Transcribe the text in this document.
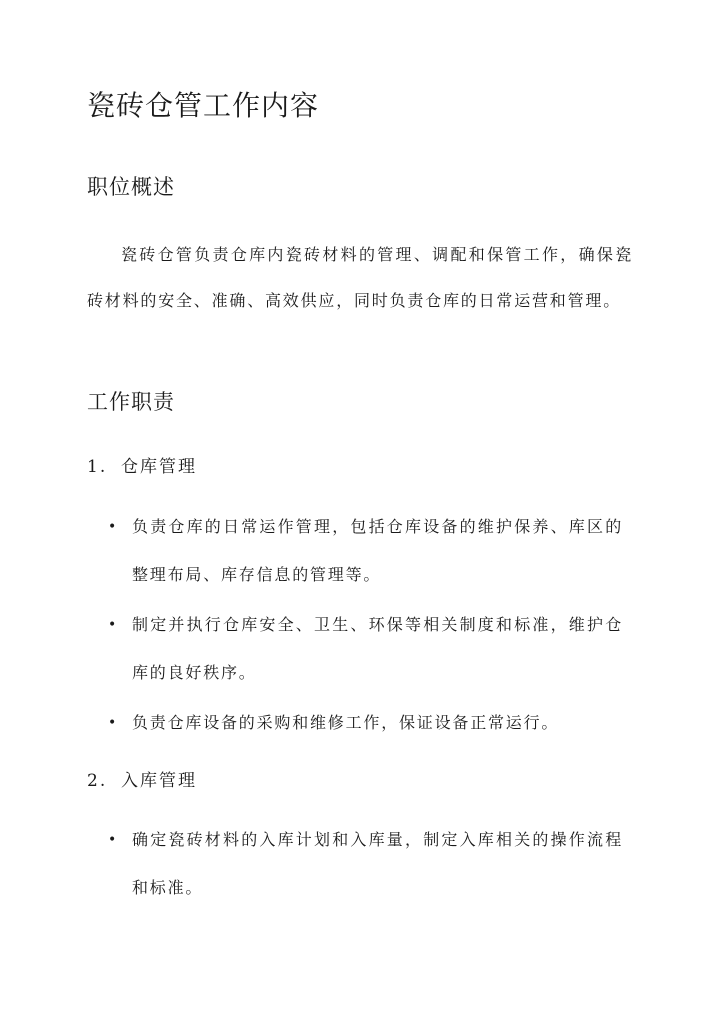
瓷砖仓管工作内容
职位概述

瓷砖仓管负责仓库内瓷砖材料的管理、调配和保管工作，确保瓷砖材料的安全、准确、高效供应，同时负责仓库的日常运营和管理。

工作职责
1. 仓库管理
• 负责仓库的日常运作管理，包括仓库设备的维护保养、库区的整理布局、库存信息的管理等。
• 制定并执行仓库安全、卫生、环保等相关制度和标准，维护仓库的良好秩序。
• 负责仓库设备的采购和维修工作，保证设备正常运行。
2. 入库管理
• 确定瓷砖材料的入库计划和入库量，制定入库相关的操作流程和标准。
